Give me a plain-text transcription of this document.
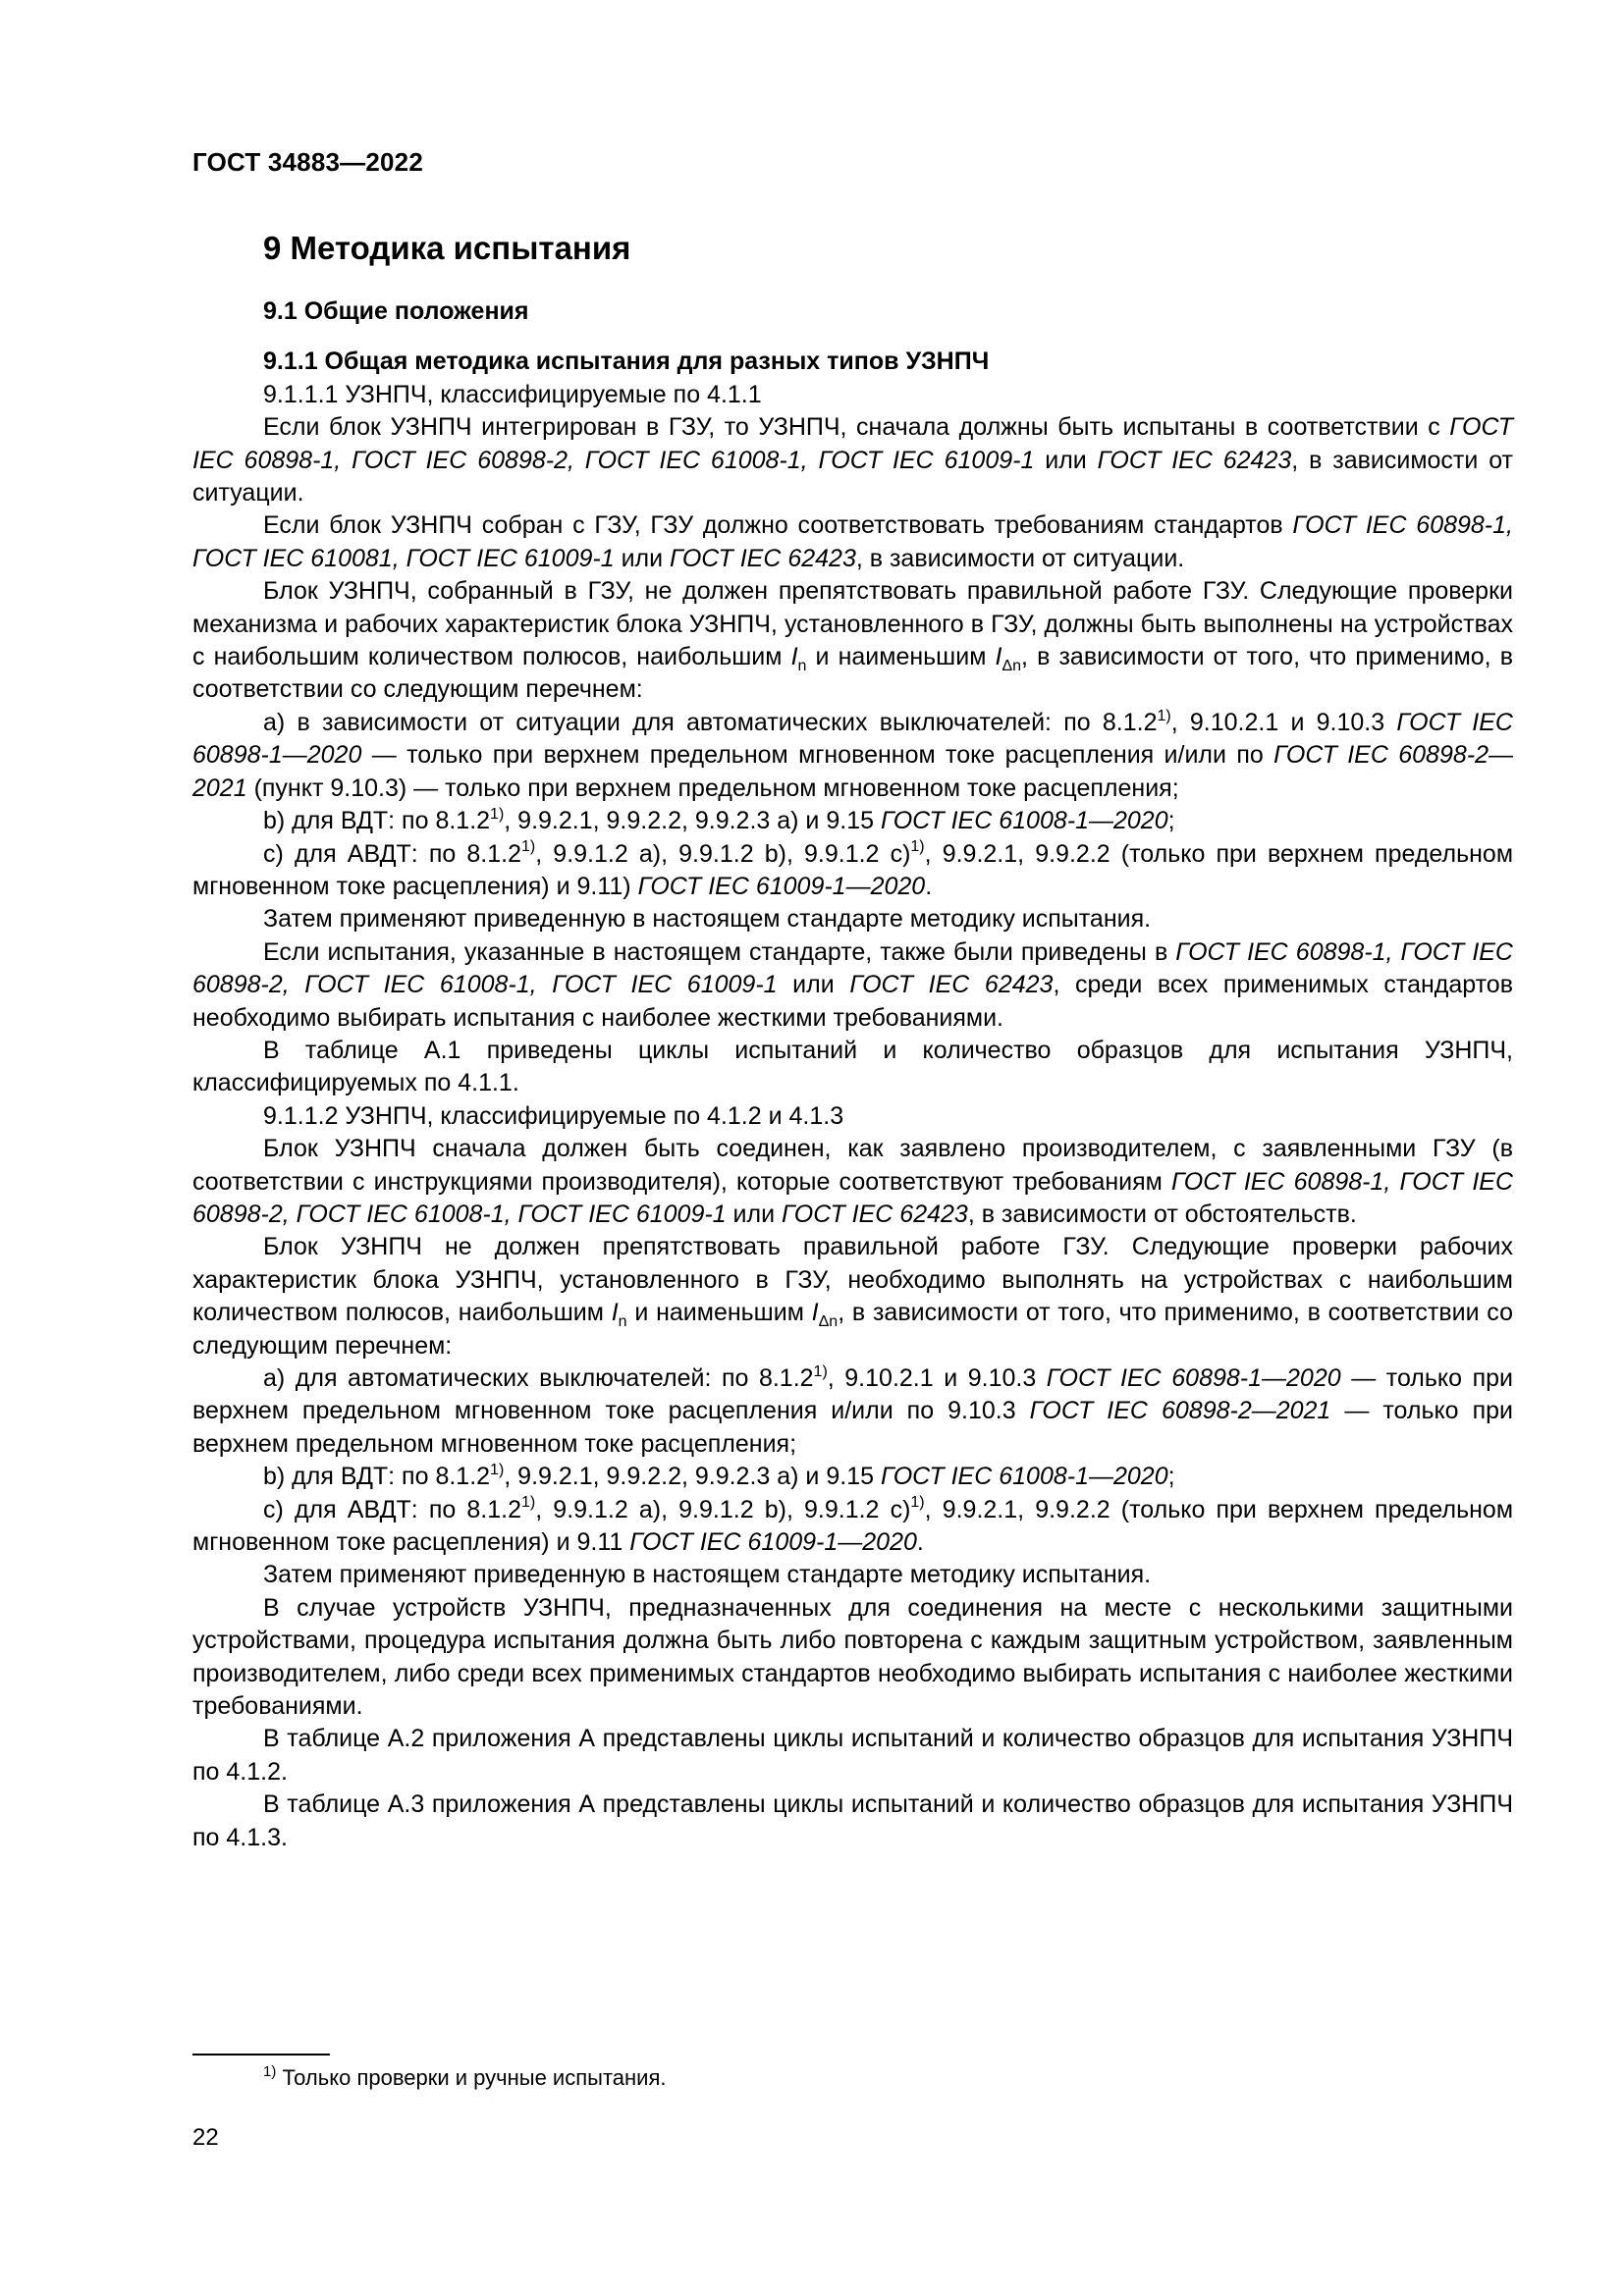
ГОСТ 34883—2022
9 Методика испытания
9.1 Общие положения
9.1.1 Общая методика испытания для разных типов УЗНПЧ

9.1.1.1 УЗНПЧ, классифицируемые по 4.1.1

Если блок УЗНПЧ интегрирован в ГЗУ, то УЗНПЧ, сначала должны быть испытаны в соответствии с ГОСТ IEC 60898-1, ГОСТ IEC 60898-2, ГОСТ IEC 61008-1, ГОСТ IEC 61009-1 или ГОСТ IEC 62423, в зависимости от ситуации.

Если блок УЗНПЧ собран с ГЗУ, ГЗУ должно соответствовать требованиям стандартов ГОСТ IEC 60898-1, ГОСТ IEC 610081, ГОСТ IEC 61009-1 или ГОСТ IEC 62423, в зависимости от ситуации.

Блок УЗНПЧ, собранный в ГЗУ, не должен препятствовать правильной работе ГЗУ. Следующие проверки механизма и рабочих характеристик блока УЗНПЧ, установленного в ГЗУ, должны быть выполнены на устройствах с наибольшим количеством полюсов, наибольшим $I_n$ и наименьшим $I_{\Delta n}$, в зависимости от того, что применимо, в соответствии со следующим перечнем:

a) в зависимости от ситуации для автоматических выключателей: по 8.1.2$^{1)}$, 9.10.2.1 и 9.10.3 ГОСТ IEC 60898-1—2020 — только при верхнем предельном мгновенном токе расцепления и/или по ГОСТ IEC 60898-2—2021 (пункт 9.10.3) — только при верхнем предельном мгновенном токе расцепления;

b) для ВДТ: по 8.1.2$^{1)}$, 9.9.2.1, 9.9.2.2, 9.9.2.3 a) и 9.15 ГОСТ IEC 61008-1—2020;

c) для АВДТ: по 8.1.2$^{1)}$, 9.9.1.2 a), 9.9.1.2 b), 9.9.1.2 c)$^{1)}$, 9.9.2.1, 9.9.2.2 (только при верхнем предельном мгновенном токе расцепления) и 9.11) ГОСТ IEC 61009-1—2020.

Затем применяют приведенную в настоящем стандарте методику испытания.

Если испытания, указанные в настоящем стандарте, также были приведены в ГОСТ IEC 60898-1, ГОСТ IEC 60898-2, ГОСТ IEC 61008-1, ГОСТ IEC 61009-1 или ГОСТ IEC 62423, среди всех применимых стандартов необходимо выбирать испытания с наиболее жесткими требованиями.

В таблице А.1 приведены циклы испытаний и количество образцов для испытания УЗНПЧ, классифицируемых по 4.1.1.

9.1.1.2 УЗНПЧ, классифицируемые по 4.1.2 и 4.1.3

Блок УЗНПЧ сначала должен быть соединен, как заявлено производителем, с заявленными ГЗУ (в соответствии с инструкциями производителя), которые соответствуют требованиям ГОСТ IEC 60898-1, ГОСТ IEC 60898-2, ГОСТ IEC 61008-1, ГОСТ IEC 61009-1 или ГОСТ IEC 62423, в зависимости от обстоятельств.

Блок УЗНПЧ не должен препятствовать правильной работе ГЗУ. Следующие проверки рабочих характеристик блока УЗНПЧ, установленного в ГЗУ, необходимо выполнять на устройствах с наибольшим количеством полюсов, наибольшим $I_n$ и наименьшим $I_{\Delta n}$, в зависимости от того, что применимо, в соответствии со следующим перечнем:

a) для автоматических выключателей: по 8.1.2$^{1)}$, 9.10.2.1 и 9.10.3 ГОСТ IEC 60898-1—2020 — только при верхнем предельном мгновенном токе расцепления и/или по 9.10.3 ГОСТ IEC 60898-2—2021 — только при верхнем предельном мгновенном токе расцепления;

b) для ВДТ: по 8.1.2$^{1)}$, 9.9.2.1, 9.9.2.2, 9.9.2.3 a) и 9.15 ГОСТ IEC 61008-1—2020;

c) для АВДТ: по 8.1.2$^{1)}$, 9.9.1.2 a), 9.9.1.2 b), 9.9.1.2 c)$^{1)}$, 9.9.2.1, 9.9.2.2 (только при верхнем предельном мгновенном токе расцепления) и 9.11 ГОСТ IEC 61009-1—2020.

Затем применяют приведенную в настоящем стандарте методику испытания.

В случае устройств УЗНПЧ, предназначенных для соединения на месте с несколькими защитными устройствами, процедура испытания должна быть либо повторена с каждым защитным устройством, заявленным производителем, либо среди всех применимых стандартов необходимо выбирать испытания с наиболее жесткими требованиями.

В таблице А.2 приложения А представлены циклы испытаний и количество образцов для испытания УЗНПЧ по 4.1.2.

В таблице А.3 приложения А представлены циклы испытаний и количество образцов для испытания УЗНПЧ по 4.1.3.

$^{1)}$ Только проверки и ручные испытания.
22
